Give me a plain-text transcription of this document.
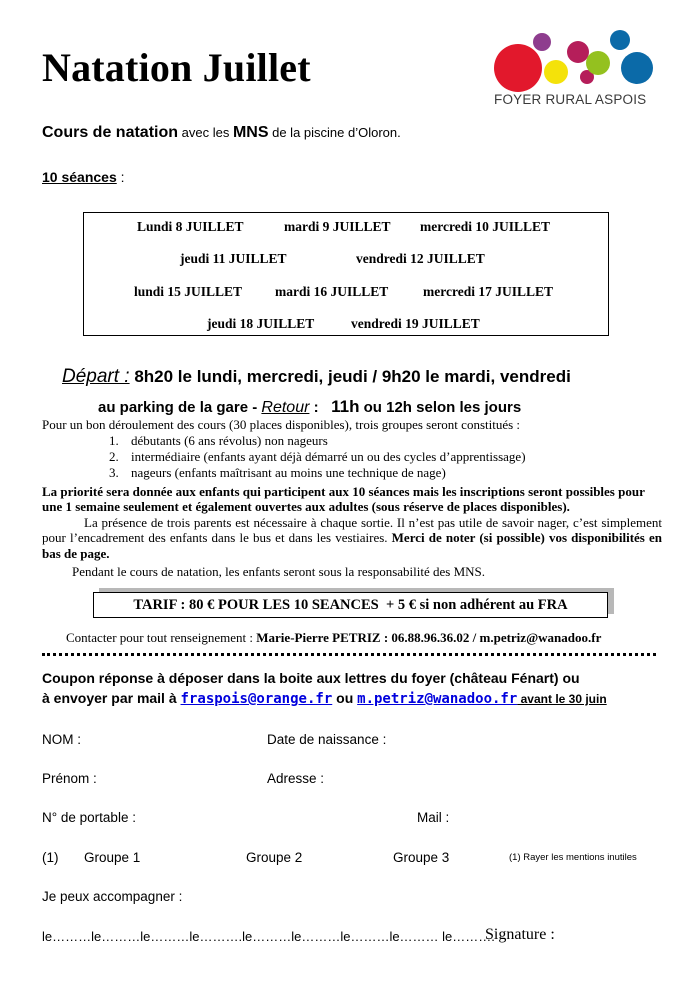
Natation Juillet
FOYER RURAL ASPOIS
Cours de natation avec les MNS de la piscine d’Oloron.
10 séances :
Lundi 8 JUILLET	mardi 9 JUILLET mercredi 10 JUILLET
jeudi 11 JUILLET	vendredi 12 JUILLET
lundi 15 JUILLET mardi 16 JUILLET	mercredi 17 JUILLET
jeudi 18 JUILLET	vendredi 19 JUILLET
Départ : 8h20 le lundi, mercredi, jeudi / 9h20 le mardi, vendredi
au parking de la gare - Retour :   11h ou 12h selon les jours
Pour un bon déroulement des cours (30 places disponibles), trois groupes seront constitués :
1. débutants (6 ans révolus) non nageurs
2. intermédiaire (enfants ayant déjà démarré un ou des cycles d’apprentissage)
3. nageurs (enfants maîtrisant au moins une technique de nage)
La priorité sera donnée aux enfants qui participent aux 10 séances mais les inscriptions seront possibles pour une 1 semaine seulement et également ouvertes aux adultes (sous réserve de places disponibles).
La présence de trois parents est nécessaire à chaque sortie. Il n’est pas utile de savoir nager, c’est simplement pour l’encadrement des enfants dans le bus et dans les vestiaires. Merci de noter (si possible) vos disponibilités en bas de page.
Pendant le cours de natation, les enfants seront sous la responsabilité des MNS.
TARIF : 80 € POUR LES 10 SEANCES  + 5 € si non adhérent au FRA
Contacter pour tout renseignement : Marie-Pierre PETRIZ : 06.88.96.36.02 / m.petriz@wanadoo.fr
Coupon réponse à déposer dans la boite aux lettres du foyer (château Fénart) ou
à envoyer par mail à fraspois@orange.fr ou m.petriz@wanadoo.fr avant le 30 juin
NOM :	Date de naissance :
Prénom :	Adresse :
N° de portable :	Mail :
(1) Groupe 1	Groupe 2	Groupe 3	(1) Rayer les mentions inutiles
Je peux accompagner :
le………le………le………le……….le………le………le………le……… le……….
Signature :
